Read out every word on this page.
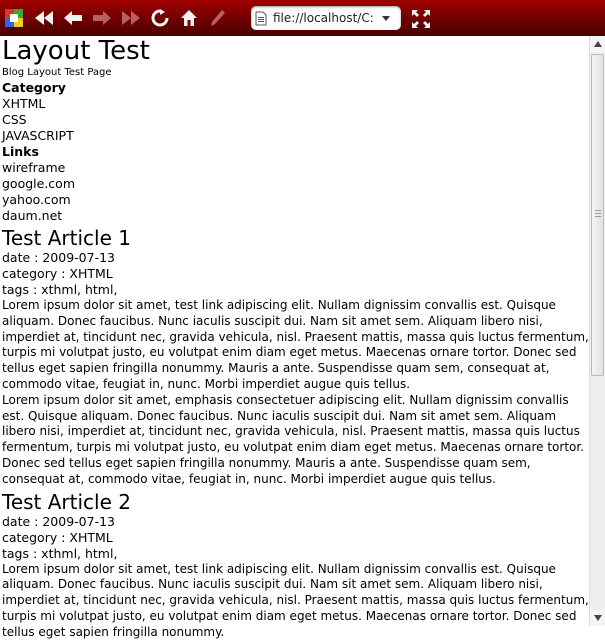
file://localhost/C:
Layout Test
Blog Layout Test Page
Category
XHTML
CSS
JAVASCRIPT
Links
wireframe
google.com
yahoo.com
daum.net
Test Article 1
date : 2009-07-13
category : XHTML
tags : xthml, html,

Lorem ipsum dolor sit amet, test link adipiscing elit. Nullam dignissim convallis est. Quisque aliquam. Donec faucibus. Nunc iaculis suscipit dui. Nam sit amet sem. Aliquam libero nisi, imperdiet at, tincidunt nec, gravida vehicula, nisl. Praesent mattis, massa quis luctus fermentum, turpis mi volutpat justo, eu volutpat enim diam eget metus. Maecenas ornare tortor. Donec sed tellus eget sapien fringilla nonummy. Mauris a ante. Suspendisse quam sem, consequat at, commodo vitae, feugiat in, nunc. Morbi imperdiet augue quis tellus.

Lorem ipsum dolor sit amet, emphasis consectetuer adipiscing elit. Nullam dignissim convallis est. Quisque aliquam. Donec faucibus. Nunc iaculis suscipit dui. Nam sit amet sem. Aliquam libero nisi, imperdiet at, tincidunt nec, gravida vehicula, nisl. Praesent mattis, massa quis luctus fermentum, turpis mi volutpat justo, eu volutpat enim diam eget metus. Maecenas ornare tortor. Donec sed tellus eget sapien fringilla nonummy. Mauris a ante. Suspendisse quam sem, consequat at, commodo vitae, feugiat in, nunc. Morbi imperdiet augue quis tellus.

Test Article 2
date : 2009-07-13
category : XHTML
tags : xthml, html,

Lorem ipsum dolor sit amet, test link adipiscing elit. Nullam dignissim convallis est. Quisque aliquam. Donec faucibus. Nunc iaculis suscipit dui. Nam sit amet sem. Aliquam libero nisi, imperdiet at, tincidunt nec, gravida vehicula, nisl. Praesent mattis, massa quis luctus fermentum, turpis mi volutpat justo, eu volutpat enim diam eget metus. Maecenas ornare tortor. Donec sed tellus eget sapien fringilla nonummy.
